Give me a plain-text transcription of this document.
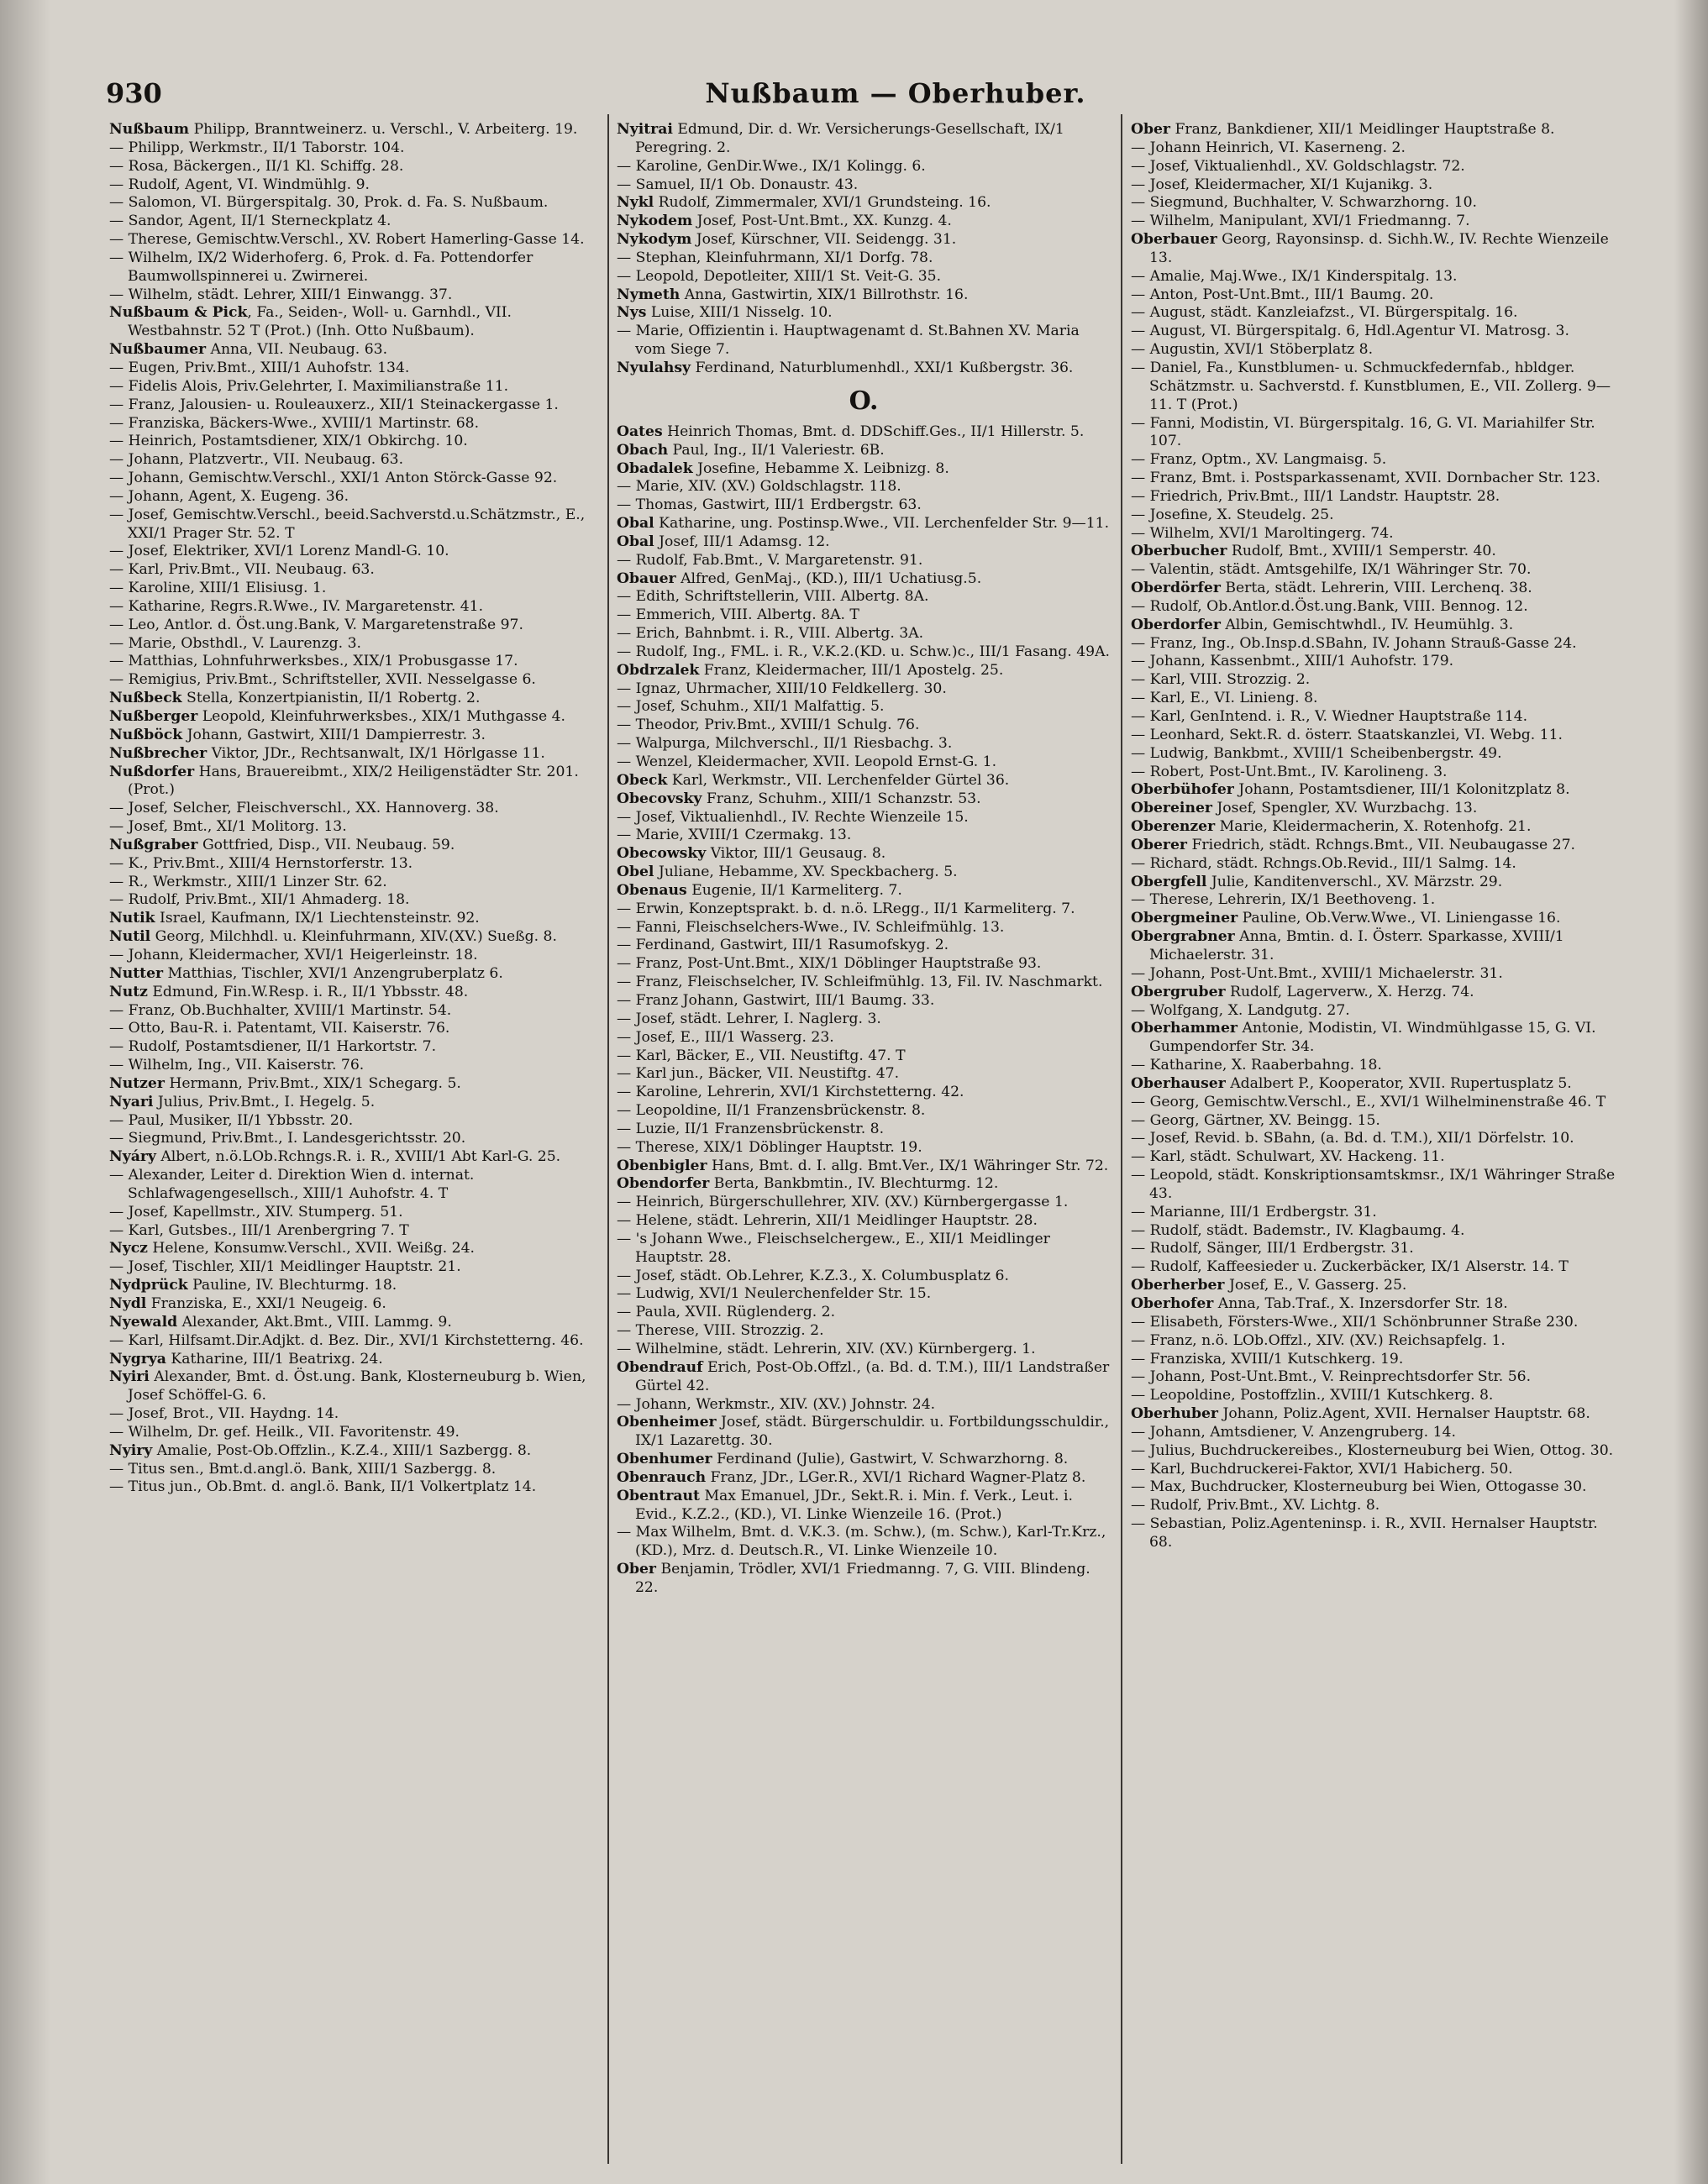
Nußbaum — Oberhuber.
930
Nußbaum Philipp, Branntweinerz. u. Verschl., V. Arbeiterg. 19.
— Philipp, Werkmstr., II/1 Taborstr. 104.
— Rosa, Bäckergen., II/1 Kl. Schiffg. 28.
— Rudolf, Agent, VI. Windmühlg. 9.
— Salomon, VI. Bürgerspitalg. 30, Prok. d. Fa. S. Nußbaum.
— Sandor, Agent, II/1 Sterneckplatz 4.
— Therese, Gemischtw.Verschl., XV. Robert Hamerling-Gasse 14.
— Wilhelm, IX/2 Widerhoferg. 6, Prok. d. Fa. Pottendorfer Baumwollspinnerei u. Zwirnerei.
— Wilhelm, städt. Lehrer, XIII/1 Einwangg. 37.
Nußbaum & Pick, Fa., Seiden-, Woll- u. Garnhdl., VII. Westbahnstr. 52 T (Prot.) (Inh. Otto Nußbaum).
Nußbaumer Anna, VII. Neubaug. 63.
— Eugen, Priv.Bmt., XIII/1 Auhofstr. 134.
— Fidelis Alois, Priv.Gelehrter, I. Maximilianstraße 11.
— Franz, Jalousien- u. Rouleauxerz., XII/1 Steinackergasse 1.
— Franziska, Bäckers-Wwe., XVIII/1 Martinstr. 68.
— Heinrich, Postamtsdiener, XIX/1 Obkirchg. 10.
— Johann, Platzvertr., VII. Neubaug. 63.
— Johann, Gemischtw.Verschl., XXI/1 Anton Störck-Gasse 92.
— Johann, Agent, X. Eugeng. 36.
— Josef, Gemischtw.Verschl., beeid.Sachverstd.u.Schätzmstr., E., XXI/1 Prager Str. 52. T
— Josef, Elektriker, XVI/1 Lorenz Mandl-G. 10.
— Karl, Priv.Bmt., VII. Neubaug. 63.
— Karoline, XIII/1 Elisiusg. 1.
— Katharine, Regrs.R.Wwe., IV. Margaretenstr. 41.
— Leo, Antlor. d. Öst.ung.Bank, V. Margaretenstraße 97.
— Marie, Obsthdl., V. Laurenzg. 3.
— Matthias, Lohnfuhrwerksbes., XIX/1 Probusgasse 17.
— Remigius, Priv.Bmt., Schriftsteller, XVII. Nesselgasse 6.
Nußbeck Stella, Konzertpianistin, II/1 Robertg. 2.
Nußberger Leopold, Kleinfuhrwerksbes., XIX/1 Muthgasse 4.
Nußböck Johann, Gastwirt, XIII/1 Dampierrestr. 3.
Nußbrecher Viktor, JDr., Rechtsanwalt, IX/1 Hörlgasse 11.
Nußdorfer Hans, Brauereibmt., XIX/2 Heiligenstädter Str. 201. (Prot.)
— Josef, Selcher, Fleischverschl., XX. Hannoverg. 38.
— Josef, Bmt., XI/1 Molitorg. 13.
Nußgraber Gottfried, Disp., VII. Neubaug. 59.
— K., Priv.Bmt., XIII/4 Hernstorferstr. 13.
— R., Werkmstr., XIII/1 Linzer Str. 62.
— Rudolf, Priv.Bmt., XII/1 Ahmaderg. 18.
Nutik Israel, Kaufmann, IX/1 Liechtensteinstr. 92.
Nutil Georg, Milchhdl. u. Kleinfuhrmann, XIV.(XV.) Sueßg. 8.
— Johann, Kleidermacher, XVI/1 Heigerleinstr. 18.
Nutter Matthias, Tischler, XVI/1 Anzengruberplatz 6.
Nutz Edmund, Fin.W.Resp. i. R., II/1 Ybbsstr. 48.
— Franz, Ob.Buchhalter, XVIII/1 Martinstr. 54.
— Otto, Bau-R. i. Patentamt, VII. Kaiserstr. 76.
— Rudolf, Postamtsdiener, II/1 Harkortstr. 7.
— Wilhelm, Ing., VII. Kaiserstr. 76.
Nutzer Hermann, Priv.Bmt., XIX/1 Schegarg. 5.
Nyari Julius, Priv.Bmt., I. Hegelg. 5.
— Paul, Musiker, II/1 Ybbsstr. 20.
— Siegmund, Priv.Bmt., I. Landesgerichtsstr. 20.
Nyáry Albert, n.ö.LOb.Rchngs.R. i. R., XVIII/1 Abt Karl-G. 25.
— Alexander, Leiter d. Direktion Wien d. internat. Schlafwagengesellsch., XIII/1 Auhofstr. 4. T
— Josef, Kapellmstr., XIV. Stumperg. 51.
— Karl, Gutsbes., III/1 Arenbergring 7. T
Nycz Helene, Konsumw.Verschl., XVII. Weißg. 24.
— Josef, Tischler, XII/1 Meidlinger Hauptstr. 21.
Nydprück Pauline, IV. Blechturmg. 18.
Nydl Franziska, E., XXI/1 Neugeig. 6.
Nyewald Alexander, Akt.Bmt., VIII. Lammg. 9.
— Karl, Hilfsamt.Dir.Adjkt. d. Bez. Dir., XVI/1 Kirchstetterng. 46.
Nygrya Katharine, III/1 Beatrixg. 24.
Nyiri Alexander, Bmt. d. Öst.ung. Bank, Klosterneuburg b. Wien, Josef Schöffel-G. 6.
— Josef, Brot., VII. Haydng. 14.
— Wilhelm, Dr. gef. Heilk., VII. Favoritenstr. 49.
Nyiry Amalie, Post-Ob.Offzlin., K.Z.4., XIII/1 Sazbergg. 8.
— Titus sen., Bmt.d.angl.ö. Bank, XIII/1 Sazbergg. 8.
— Titus jun., Ob.Bmt. d. angl.ö. Bank, II/1 Volkertplatz 14.
Nyitrai Edmund, Dir. d. Wr. Versicherungs-Gesellschaft, IX/1 Peregring. 2.
— Karoline, GenDir.Wwe., IX/1 Kolingg. 6.
— Samuel, II/1 Ob. Donaustr. 43.
Nykl Rudolf, Zimmermaler, XVI/1 Grundsteing. 16.
Nykodem Josef, Post-Unt.Bmt., XX. Kunzg. 4.
Nykodym Josef, Kürschner, VII. Seidengg. 31.
— Stephan, Kleinfuhrmann, XI/1 Dorfg. 78.
— Leopold, Depotleiter, XIII/1 St. Veit-G. 35.
Nymeth Anna, Gastwirtin, XIX/1 Billrothstr. 16.
Nys Luise, XIII/1 Nisselg. 10.
— Marie, Offizientin i. Hauptwagenamt d. St.Bahnen XV. Maria vom Siege 7.
Nyulahsy Ferdinand, Naturblumenhdl., XXI/1 Kußbergstr. 36.
O.
Oates Heinrich Thomas, Bmt. d. DDSchiff.Ges., II/1 Hillerstr. 5.
Obach Paul, Ing., II/1 Valeriestr. 6B.
Obadalek Josefine, Hebamme X. Leibnizg. 8.
— Marie, XIV. (XV.) Goldschlagstr. 118.
— Thomas, Gastwirt, III/1 Erdbergstr. 63.
Obal Katharine, ung. Postinsp.Wwe., VII. Lerchenfelder Str. 9—11.
Obal Josef, III/1 Adamsg. 12.
— Rudolf, Fab.Bmt., V. Margaretenstr. 91.
Obauer Alfred, GenMaj., (KD.), III/1 Uchatiusg.5.
— Edith, Schriftstellerin, VIII. Albertg. 8A.
— Emmerich, VIII. Albertg. 8A. T
— Erich, Bahnbmt. i. R., VIII. Albertg. 3A.
— Rudolf, Ing., FML. i. R., V.K.2.(KD. u. Schw.)c., III/1 Fasang. 49A.
Obdrzalek Franz, Kleidermacher, III/1 Apostelg. 25.
— Ignaz, Uhrmacher, XIII/10 Feldkellerg. 30.
— Josef, Schuhm., XII/1 Malfattig. 5.
— Theodor, Priv.Bmt., XVIII/1 Schulg. 76.
— Walpurga, Milchverschl., II/1 Riesbachg. 3.
— Wenzel, Kleidermacher, XVII. Leopold Ernst-G. 1.
Obeck Karl, Werkmstr., VII. Lerchenfelder Gürtel 36.
Obecovsky Franz, Schuhm., XIII/1 Schanzstr. 53.
— Josef, Viktualienhdl., IV. Rechte Wienzeile 15.
— Marie, XVIII/1 Czermakg. 13.
Obecowsky Viktor, III/1 Geusaug. 8.
Obel Juliane, Hebamme, XV. Speckbacherg. 5.
Obenaus Eugenie, II/1 Karmeliterg. 7.
— Erwin, Konzeptsprakt. b. d. n.ö. LRegg., II/1 Karmeliterg. 7.
— Fanni, Fleischselchers-Wwe., IV. Schleifmühlg. 13.
— Ferdinand, Gastwirt, III/1 Rasumofskyg. 2.
— Franz, Post-Unt.Bmt., XIX/1 Döblinger Hauptstraße 93.
— Franz, Fleischselcher, IV. Schleifmühlg. 13, Fil. IV. Naschmarkt.
— Franz Johann, Gastwirt, III/1 Baumg. 33.
— Josef, städt. Lehrer, I. Naglerg. 3.
— Josef, E., III/1 Wasserg. 23.
— Karl, Bäcker, E., VII. Neustiftg. 47. T
— Karl jun., Bäcker, VII. Neustiftg. 47.
— Karoline, Lehrerin, XVI/1 Kirchstetterng. 42.
— Leopoldine, II/1 Franzensbrückenstr. 8.
— Luzie, II/1 Franzensbrückenstr. 8.
— Therese, XIX/1 Döblinger Hauptstr. 19.
Obenbigler Hans, Bmt. d. I. allg. Bmt.Ver., IX/1 Währinger Str. 72.
Obendorfer Berta, Bankbmtin., IV. Blechturmg. 12.
— Heinrich, Bürgerschullehrer, XIV. (XV.) Kürnbergergasse 1.
— Helene, städt. Lehrerin, XII/1 Meidlinger Hauptstr. 28.
— 's Johann Wwe., Fleischselchergew., E., XII/1 Meidlinger Hauptstr. 28.
— Josef, städt. Ob.Lehrer, K.Z.3., X. Columbusplatz 6.
— Ludwig, XVI/1 Neulerchenfelder Str. 15.
— Paula, XVII. Rüglenderg. 2.
— Therese, VIII. Strozzig. 2.
— Wilhelmine, städt. Lehrerin, XIV. (XV.) Kürnbergerg. 1.
Obendrauf Erich, Post-Ob.Offzl., (a. Bd. d. T.M.), III/1 Landstraßer Gürtel 42.
— Johann, Werkmstr., XIV. (XV.) Johnstr. 24.
Obenheimer Josef, städt. Bürgerschuldir. u. Fortbildungsschuldir., IX/1 Lazarettg. 30.
Obenhumer Ferdinand (Julie), Gastwirt, V. Schwarzhorng. 8.
Obenrauch Franz, JDr., LGer.R., XVI/1 Richard Wagner-Platz 8.
Obentraut Max Emanuel, JDr., Sekt.R. i. Min. f. Verk., Leut. i. Evid., K.Z.2., (KD.), VI. Linke Wienzeile 16. (Prot.)
— Max Wilhelm, Bmt. d. V.K.3. (m. Schw.), (m. Schw.), Karl-Tr.Krz., (KD.), Mrz. d. Deutsch.R., VI. Linke Wienzeile 10.
Ober Benjamin, Trödler, XVI/1 Friedmanng. 7, G. VIII. Blindeng. 22.
Ober Franz, Bankdiener, XII/1 Meidlinger Hauptstraße 8.
— Johann Heinrich, VI. Kaserneng. 2.
— Josef, Viktualienhdl., XV. Goldschlagstr. 72.
— Josef, Kleidermacher, XI/1 Kujanikg. 3.
— Siegmund, Buchhalter, V. Schwarzhorng. 10.
— Wilhelm, Manipulant, XVI/1 Friedmanng. 7.
Oberbauer Georg, Rayonsinsp. d. Sichh.W., IV. Rechte Wienzeile 13.
— Amalie, Maj.Wwe., IX/1 Kinderspitalg. 13.
— Anton, Post-Unt.Bmt., III/1 Baumg. 20.
— August, städt. Kanzleiafzst., VI. Bürgerspitalg. 16.
— August, VI. Bürgerspitalg. 6, Hdl.Agentur VI. Matrosg. 3.
— Augustin, XVI/1 Stöberplatz 8.
— Daniel, Fa., Kunstblumen- u. Schmuckfedernfab., hbldger. Schätzmstr. u. Sachverstd. f. Kunstblumen, E., VII. Zollerg. 9—11. T (Prot.)
— Fanni, Modistin, VI. Bürgerspitalg. 16, G. VI. Mariahilfer Str. 107.
— Franz, Optm., XV. Langmaisg. 5.
— Franz, Bmt. i. Postsparkassenamt, XVII. Dornbacher Str. 123.
— Friedrich, Priv.Bmt., III/1 Landstr. Hauptstr. 28.
— Josefine, X. Steudelg. 25.
— Wilhelm, XVI/1 Maroltingerg. 74.
Oberbucher Rudolf, Bmt., XVIII/1 Semperstr. 40.
— Valentin, städt. Amtsgehilfe, IX/1 Währinger Str. 70.
Oberdörfer Berta, städt. Lehrerin, VIII. Lerchenq. 38.
— Rudolf, Ob.Antlor.d.Öst.ung.Bank, VIII. Bennog. 12.
Oberdorfer Albin, Gemischtwhdl., IV. Heumühlg. 3.
— Franz, Ing., Ob.Insp.d.SBahn, IV. Johann Strauß-Gasse 24.
— Johann, Kassenbmt., XIII/1 Auhofstr. 179.
— Karl, VIII. Strozzig. 2.
— Karl, E., VI. Linieng. 8.
— Karl, GenIntend. i. R., V. Wiedner Hauptstraße 114.
— Leonhard, Sekt.R. d. österr. Staatskanzlei, VI. Webg. 11.
— Ludwig, Bankbmt., XVIII/1 Scheibenbergstr. 49.
— Robert, Post-Unt.Bmt., IV. Karolineng. 3.
Oberbühofer Johann, Postamtsdiener, III/1 Kolonitzplatz 8.
Obereiner Josef, Spengler, XV. Wurzbachg. 13.
Oberenzer Marie, Kleidermacherin, X. Rotenhofg. 21.
Oberer Friedrich, städt. Rchngs.Bmt., VII. Neubaugasse 27.
— Richard, städt. Rchngs.Ob.Revid., III/1 Salmg. 14.
Obergfell Julie, Kanditenverschl., XV. Märzstr. 29.
— Therese, Lehrerin, IX/1 Beethoveng. 1.
Obergmeiner Pauline, Ob.Verw.Wwe., VI. Liniengasse 16.
Obergrabner Anna, Bmtin. d. I. Österr. Sparkasse, XVIII/1 Michaelerstr. 31.
— Johann, Post-Unt.Bmt., XVIII/1 Michaelerstr. 31.
Obergruber Rudolf, Lagerverw., X. Herzg. 74.
— Wolfgang, X. Landgutg. 27.
Oberhammer Antonie, Modistin, VI. Windmühlgasse 15, G. VI. Gumpendorfer Str. 34.
— Katharine, X. Raaberbahng. 18.
Oberhauser Adalbert P., Kooperator, XVII. Rupertusplatz 5.
— Georg, Gemischtw.Verschl., E., XVI/1 Wilhelminenstraße 46. T
— Georg, Gärtner, XV. Beingg. 15.
— Josef, Revid. b. SBahn, (a. Bd. d. T.M.), XII/1 Dörfelstr. 10.
— Karl, städt. Schulwart, XV. Hackeng. 11.
— Leopold, städt. Konskriptionsamtskmsr., IX/1 Währinger Straße 43.
— Marianne, III/1 Erdbergstr. 31.
— Rudolf, städt. Bademstr., IV. Klagbaumg. 4.
— Rudolf, Sänger, III/1 Erdbergstr. 31.
— Rudolf, Kaffeesieder u. Zuckerbäcker, IX/1 Alserstr. 14. T
Oberherber Josef, E., V. Gasserg. 25.
Oberhofer Anna, Tab.Traf., X. Inzersdorfer Str. 18.
— Elisabeth, Försters-Wwe., XII/1 Schönbrunner Straße 230.
— Franz, n.ö. LOb.Offzl., XIV. (XV.) Reichsapfelg. 1.
— Franziska, XVIII/1 Kutschkerg. 19.
— Johann, Post-Unt.Bmt., V. Reinprechtsdorfer Str. 56.
— Leopoldine, Postoffzlin., XVIII/1 Kutschkerg. 8.
Oberhuber Johann, Poliz.Agent, XVII. Hernalser Hauptstr. 68.
— Johann, Amtsdiener, V. Anzengruberg. 14.
— Julius, Buchdruckereibes., Klosterneuburg bei Wien, Ottog. 30.
— Karl, Buchdruckerei-Faktor, XVI/1 Habicherg. 50.
— Max, Buchdrucker, Klosterneuburg bei Wien, Ottogasse 30.
— Rudolf, Priv.Bmt., XV. Lichtg. 8.
— Sebastian, Poliz.Agenteninsp. i. R., XVII. Hernalser Hauptstr. 68.
